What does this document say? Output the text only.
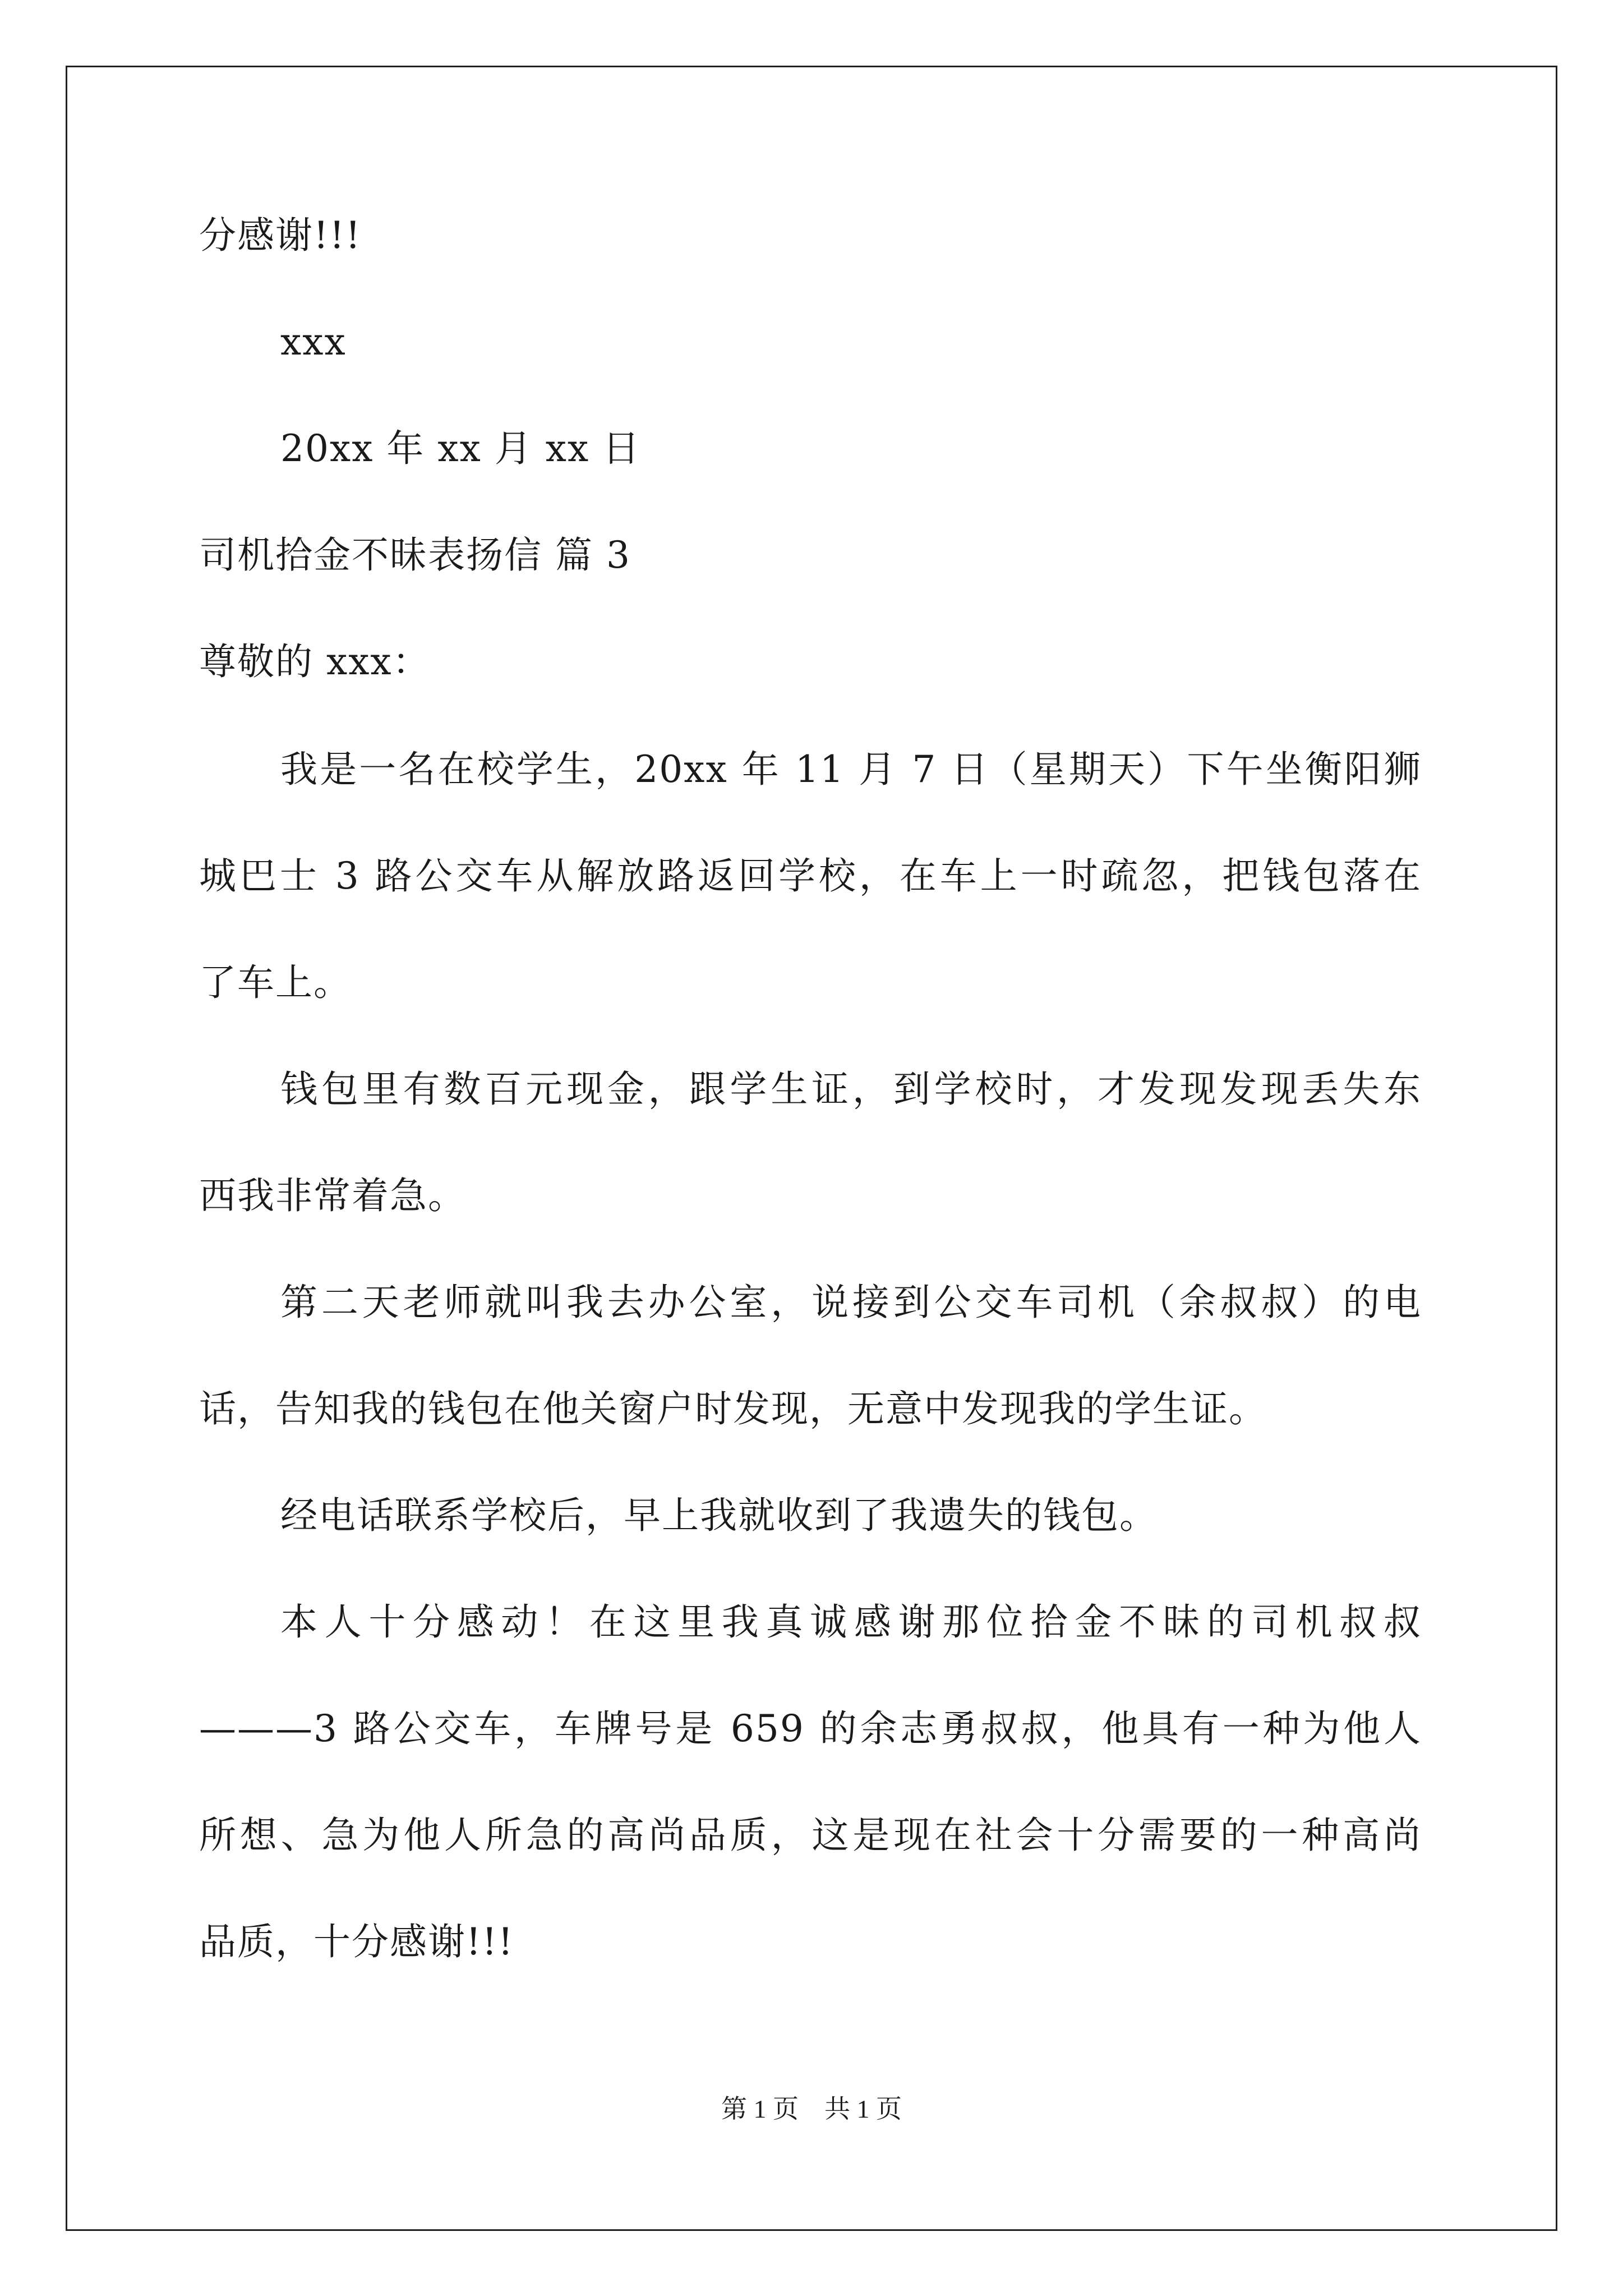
分感谢!!!
xxx
20xx 年 xx 月 xx 日
司机拾金不昧表扬信 篇 3
尊敬的 xxx：
我是一名在校学生，20xx 年 11 月 7 日（星期天）下午坐衡阳狮
城巴士 3 路公交车从解放路返回学校，在车上一时疏忽，把钱包落在
了车上。
钱包里有数百元现金，跟学生证，到学校时，才发现发现丢失东
西我非常着急。
第二天老师就叫我去办公室，说接到公交车司机（余叔叔）的电
话，告知我的钱包在他关窗户时发现，无意中发现我的学生证。
经电话联系学校后，早上我就收到了我遗失的钱包。
本人十分感动！在这里我真诚感谢那位拾金不昧的司机叔叔
———3 路公交车，车牌号是 659 的余志勇叔叔，他具有一种为他人
所想、急为他人所急的高尚品质，这是现在社会十分需要的一种高尚
品质，十分感谢!!!
第 1 页　共 1 页
